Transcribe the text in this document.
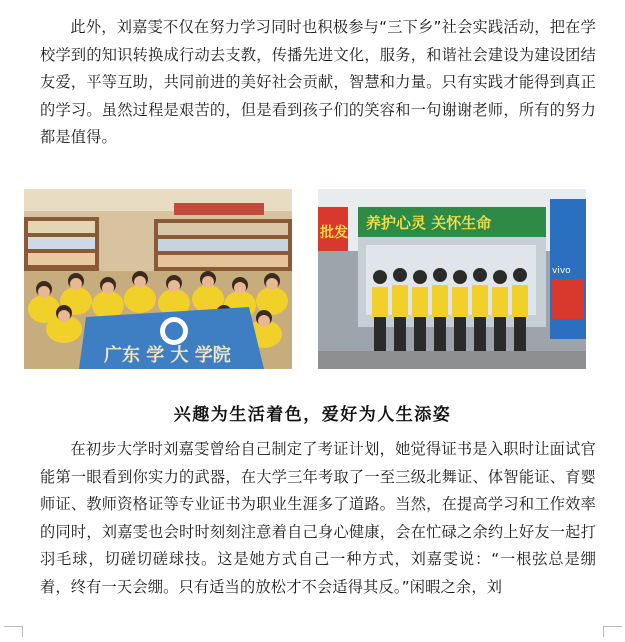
此外，刘嘉雯不仅在努力学习同时也积极参与“三下乡”社会实践活动，把在学校学到的知识转换成行动去支教，传播先进文化，服务，和谐社会建设为建设团结友爱，平等互助，共同前进的美好社会贡献，智慧和力量。只有实践才能得到真正的学习。虽然过程是艰苦的，但是看到孩子们的笑容和一句谢谢老师，所有的努力都是值得。

广东 学 大 学院
批发
养护心灵 关怀生命
vivo
兴趣为生活着色，爱好为人生添姿

在初步大学时刘嘉雯曾给自己制定了考证计划，她觉得证书是入职时让面试官能第一眼看到你实力的武器，在大学三年考取了一至三级北舞证、体智能证、育婴师证、教师资格证等专业证书为职业生涯多了道路。当然，在提高学习和工作效率的同时，刘嘉雯也会时时刻刻注意着自己身心健康，会在忙碌之余约上好友一起打羽毛球，切磋切磋球技。这是她方式自己一种方式，刘嘉雯说：“一根弦总是绷着，终有一天会绷。只有适当的放松才不会适得其反。”闲暇之余，刘
